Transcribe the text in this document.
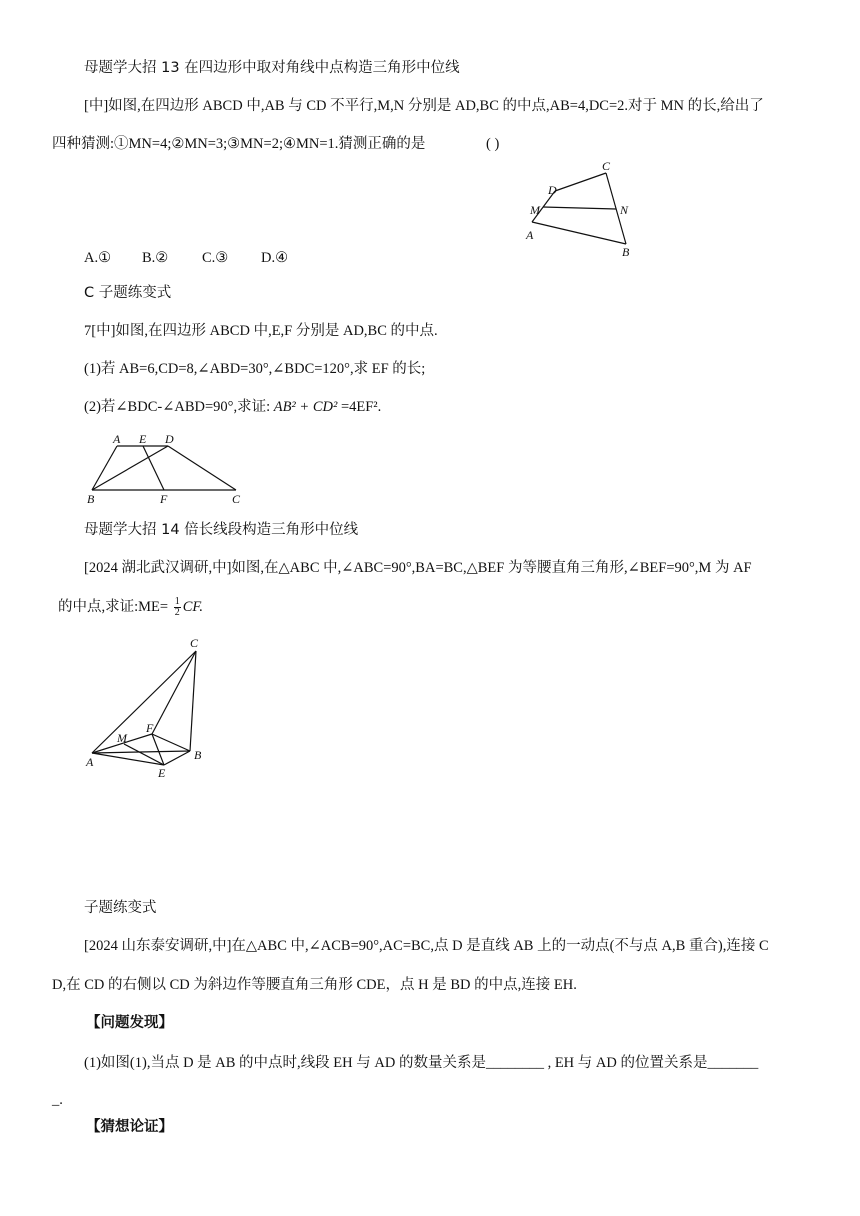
母题学大招 13 在四边形中取对角线中点构造三角形中位线
[中]如图,在四边形 ABCD 中,AB 与 CD 不平行,M,N 分别是 AD,BC 的中点,AB=4,DC=2.对于 MN 的长,给出了
四种猜测:①MN=4;②MN=3;③MN=2;④MN=1.猜测正确的是	( )
C
D
M	N
A
B
A.① B.② C.③ D.④
C 子题练变式
7[中]如图,在四边形 ABCD 中,E,F 分别是 AD,BC 的中点.
(1)若 AB=6,CD=8,∠ABD=30°,∠BDC=120°,求 EF 的长;
(2)若∠BDC-∠ABD=90°,求证: AB² + CD² =4EF².
A E D
B	F	C
母题学大招 14 倍长线段构造三角形中位线
[2024 湖北武汉调研,中]如图,在△ABC 中,∠ABC=90°,BA=BC,△BEF 为等腰直角三角形,∠BEF=90°,M 为 AF
的中点,求证:ME= $\frac{1}{2}$ CF.
C
F
M
A	B
E
子题练变式
[2024 山东泰安调研,中]在△ABC 中,∠ACB=90°,AC=BC,点 D 是直线 AB 上的一动点(不与点 A,B 重合),连接 C
D,在 CD 的右侧以 CD 为斜边作等腰直角三角形 CDE，点 H 是 BD 的中点,连接 EH.
【问题发现】
(1)如图(1),当点 D 是 AB 的中点时,线段 EH 与 AD 的数量关系是________ , EH 与 AD 的位置关系是_______
_.
【猜想论证】
